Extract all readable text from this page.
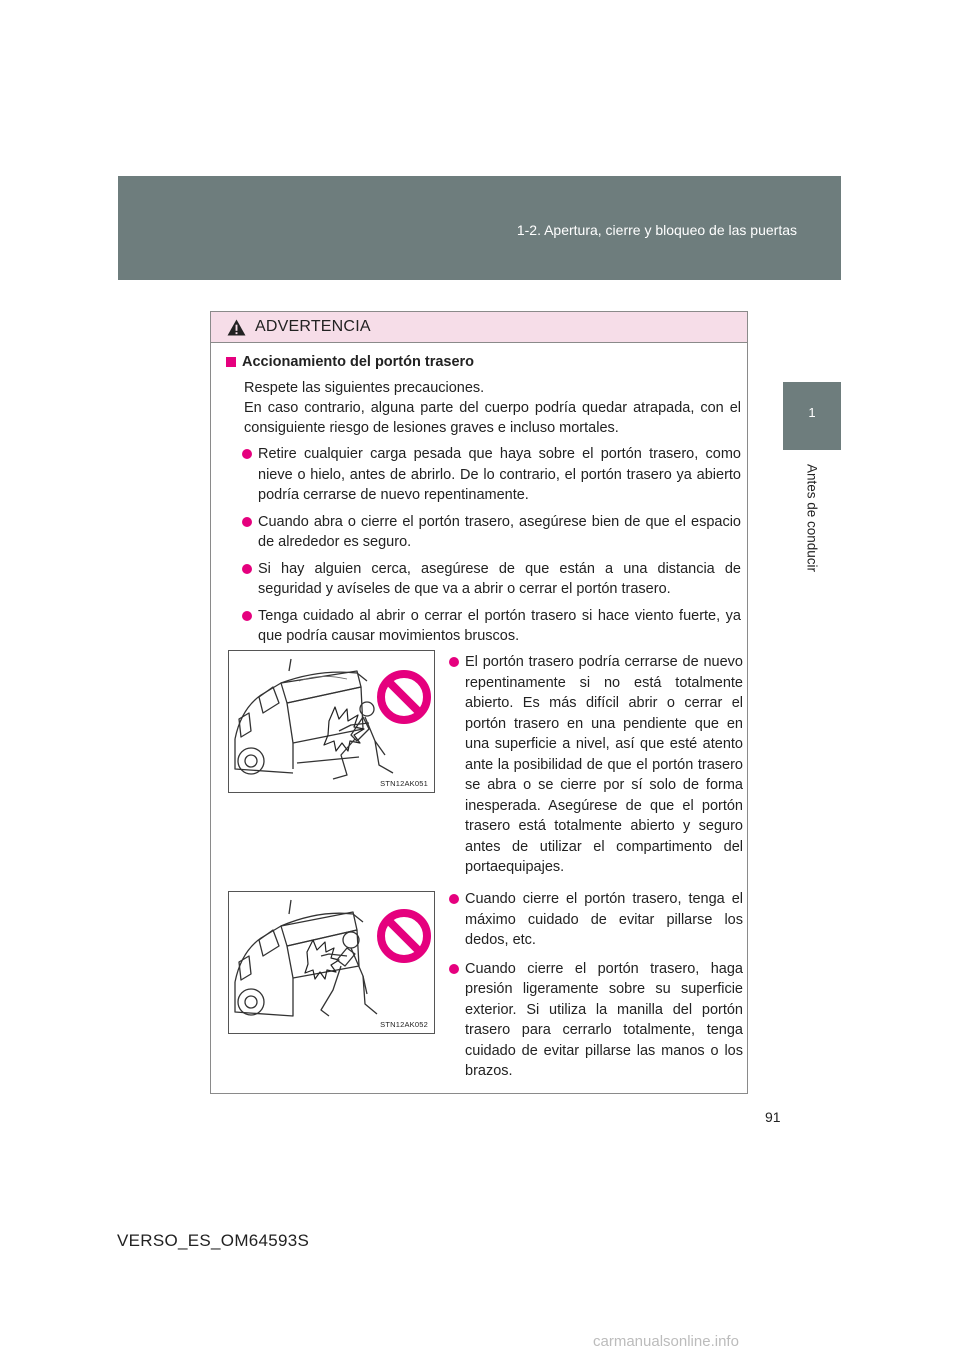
1-2. Apertura, cierre y bloqueo de las puertas
1
Antes de conducir
ADVERTENCIA
Accionamiento del portón trasero
Respete las siguientes precauciones.
En caso contrario, alguna parte del cuerpo podría quedar atrapada, con el consiguiente riesgo de lesiones graves e incluso mortales.
Retire cualquier carga pesada que haya sobre el portón trasero, como nieve o hielo, antes de abrirlo. De lo contrario, el portón trasero ya abierto podría cerrarse de nuevo repentinamente.
Cuando abra o cierre el portón trasero, asegúrese bien de que el espacio de alrededor es seguro.
Si hay alguien cerca, asegúrese de que están a una distancia de seguridad y avíseles de que va a abrir o cerrar el portón trasero.
Tenga cuidado al abrir o cerrar el portón trasero si hace viento fuerte, ya que podría causar movimientos bruscos.
STN12AK051
El portón trasero podría cerrarse de nuevo repentinamente si no está totalmente abierto. Es más difícil abrir o cerrar el portón trasero en una pendiente que en una superficie a nivel, así que esté atento ante la posibilidad de que el portón trasero se abra o se cierre por sí solo de forma inesperada. Asegúrese de que el portón trasero está totalmente abierto y seguro antes de utilizar el compartimento del portaequipajes.
STN12AK052
Cuando cierre el portón trasero, tenga el máximo cuidado de evitar pillarse los dedos, etc.
Cuando cierre el portón trasero, haga presión ligeramente sobre su superficie exterior. Si utiliza la manilla del portón trasero para cerrarlo totalmente, tenga cuidado de evitar pillarse las manos o los brazos.
91
VERSO_ES_OM64593S
carmanualsonline.info
